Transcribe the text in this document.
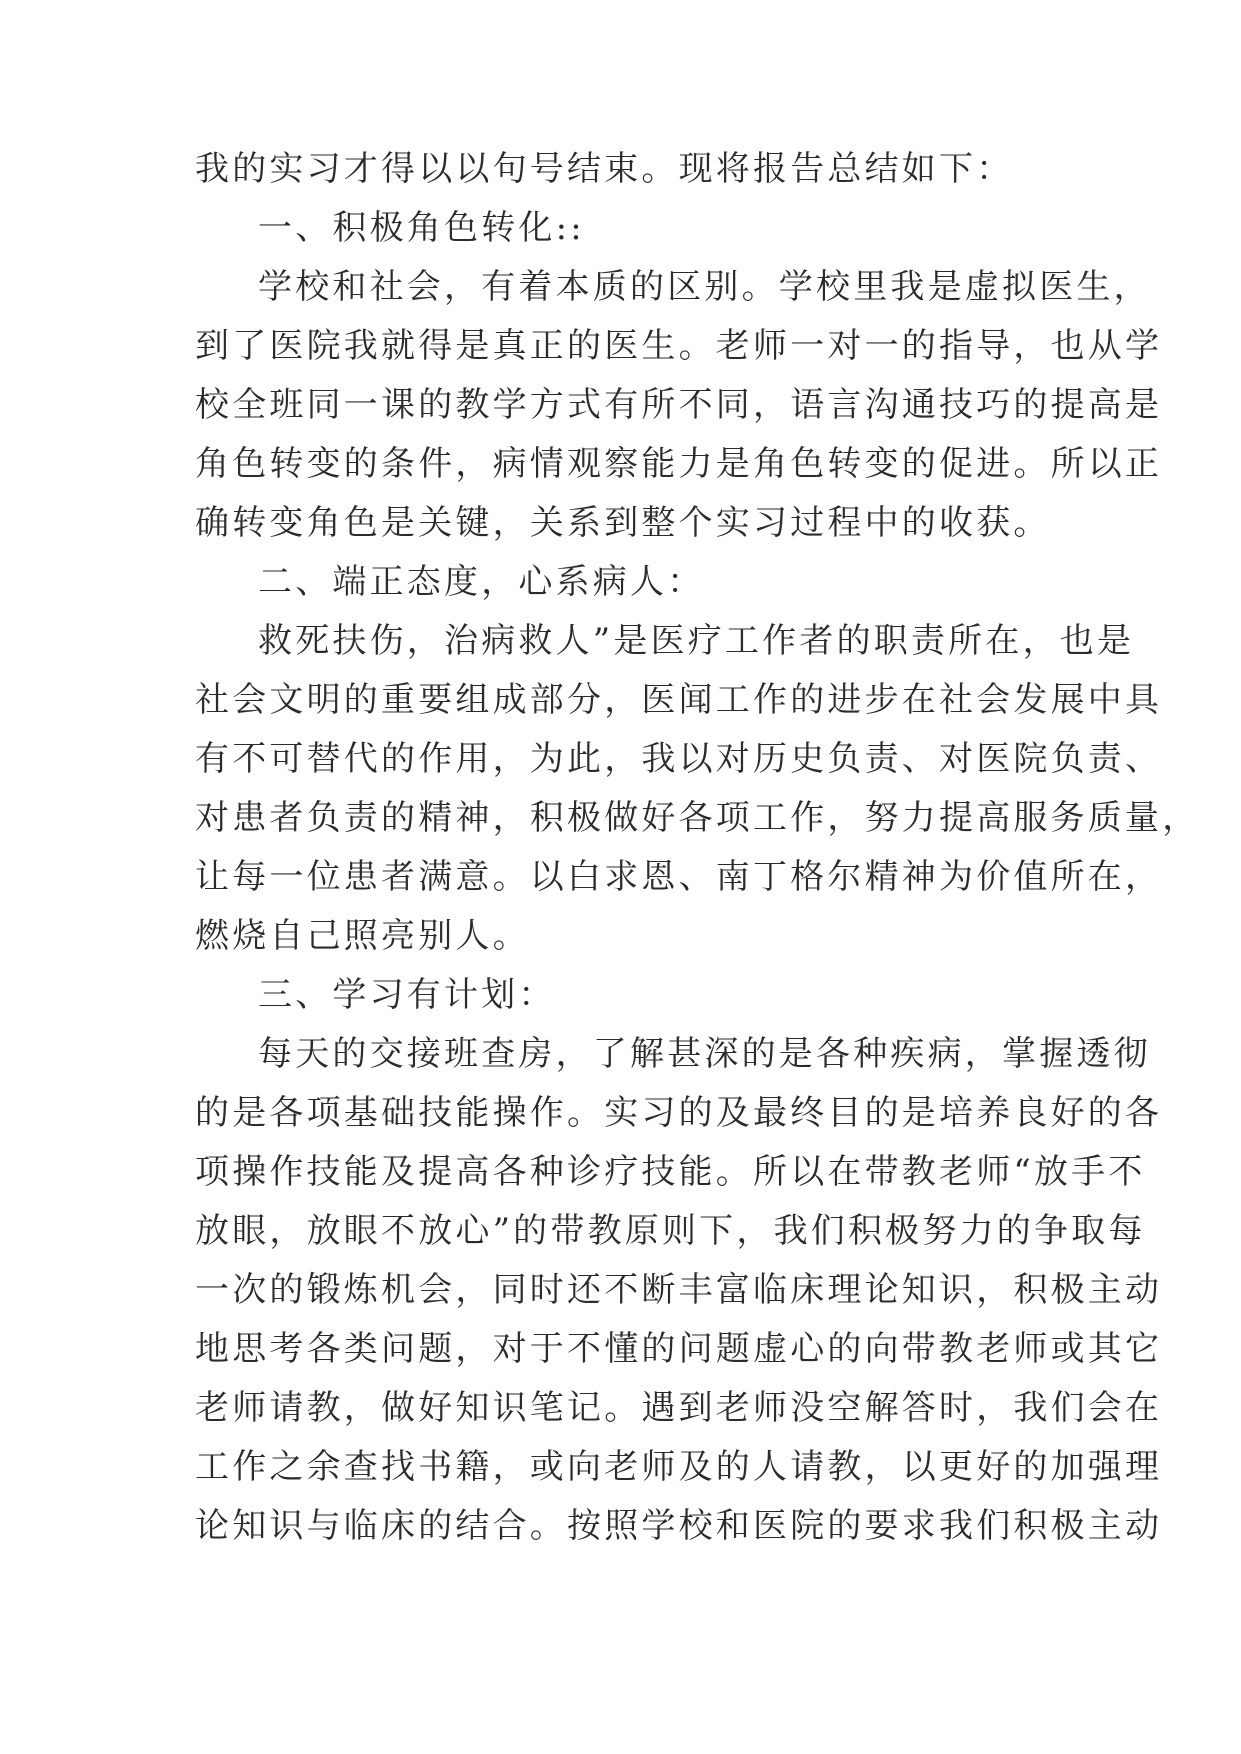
我的实习才得以以句号结束。现将报告总结如下：
一、积极角色转化::
学校和社会，有着本质的区别。学校里我是虚拟医生，
到了医院我就得是真正的医生。老师一对一的指导，也从学
校全班同一课的教学方式有所不同，语言沟通技巧的提高是
角色转变的条件，病情观察能力是角色转变的促进。所以正
确转变角色是关键，关系到整个实习过程中的收获。
二、端正态度，心系病人：
救死扶伤，治病救人”是医疗工作者的职责所在，也是
社会文明的重要组成部分，医闻工作的进步在社会发展中具
有不可替代的作用，为此，我以对历史负责、对医院负责、
对患者负责的精神，积极做好各项工作，努力提高服务质量，
让每一位患者满意。以白求恩、南丁格尔精神为价值所在，
燃烧自己照亮别人。
三、学习有计划：
每天的交接班查房，了解甚深的是各种疾病，掌握透彻
的是各项基础技能操作。实习的及最终目的是培养良好的各
项操作技能及提高各种诊疗技能。所以在带教老师“放手不
放眼，放眼不放心”的带教原则下，我们积极努力的争取每
一次的锻炼机会，同时还不断丰富临床理论知识，积极主动
地思考各类问题，对于不懂的问题虚心的向带教老师或其它
老师请教，做好知识笔记。遇到老师没空解答时，我们会在
工作之余查找书籍，或向老师及的人请教，以更好的加强理
论知识与临床的结合。按照学校和医院的要求我们积极主动
